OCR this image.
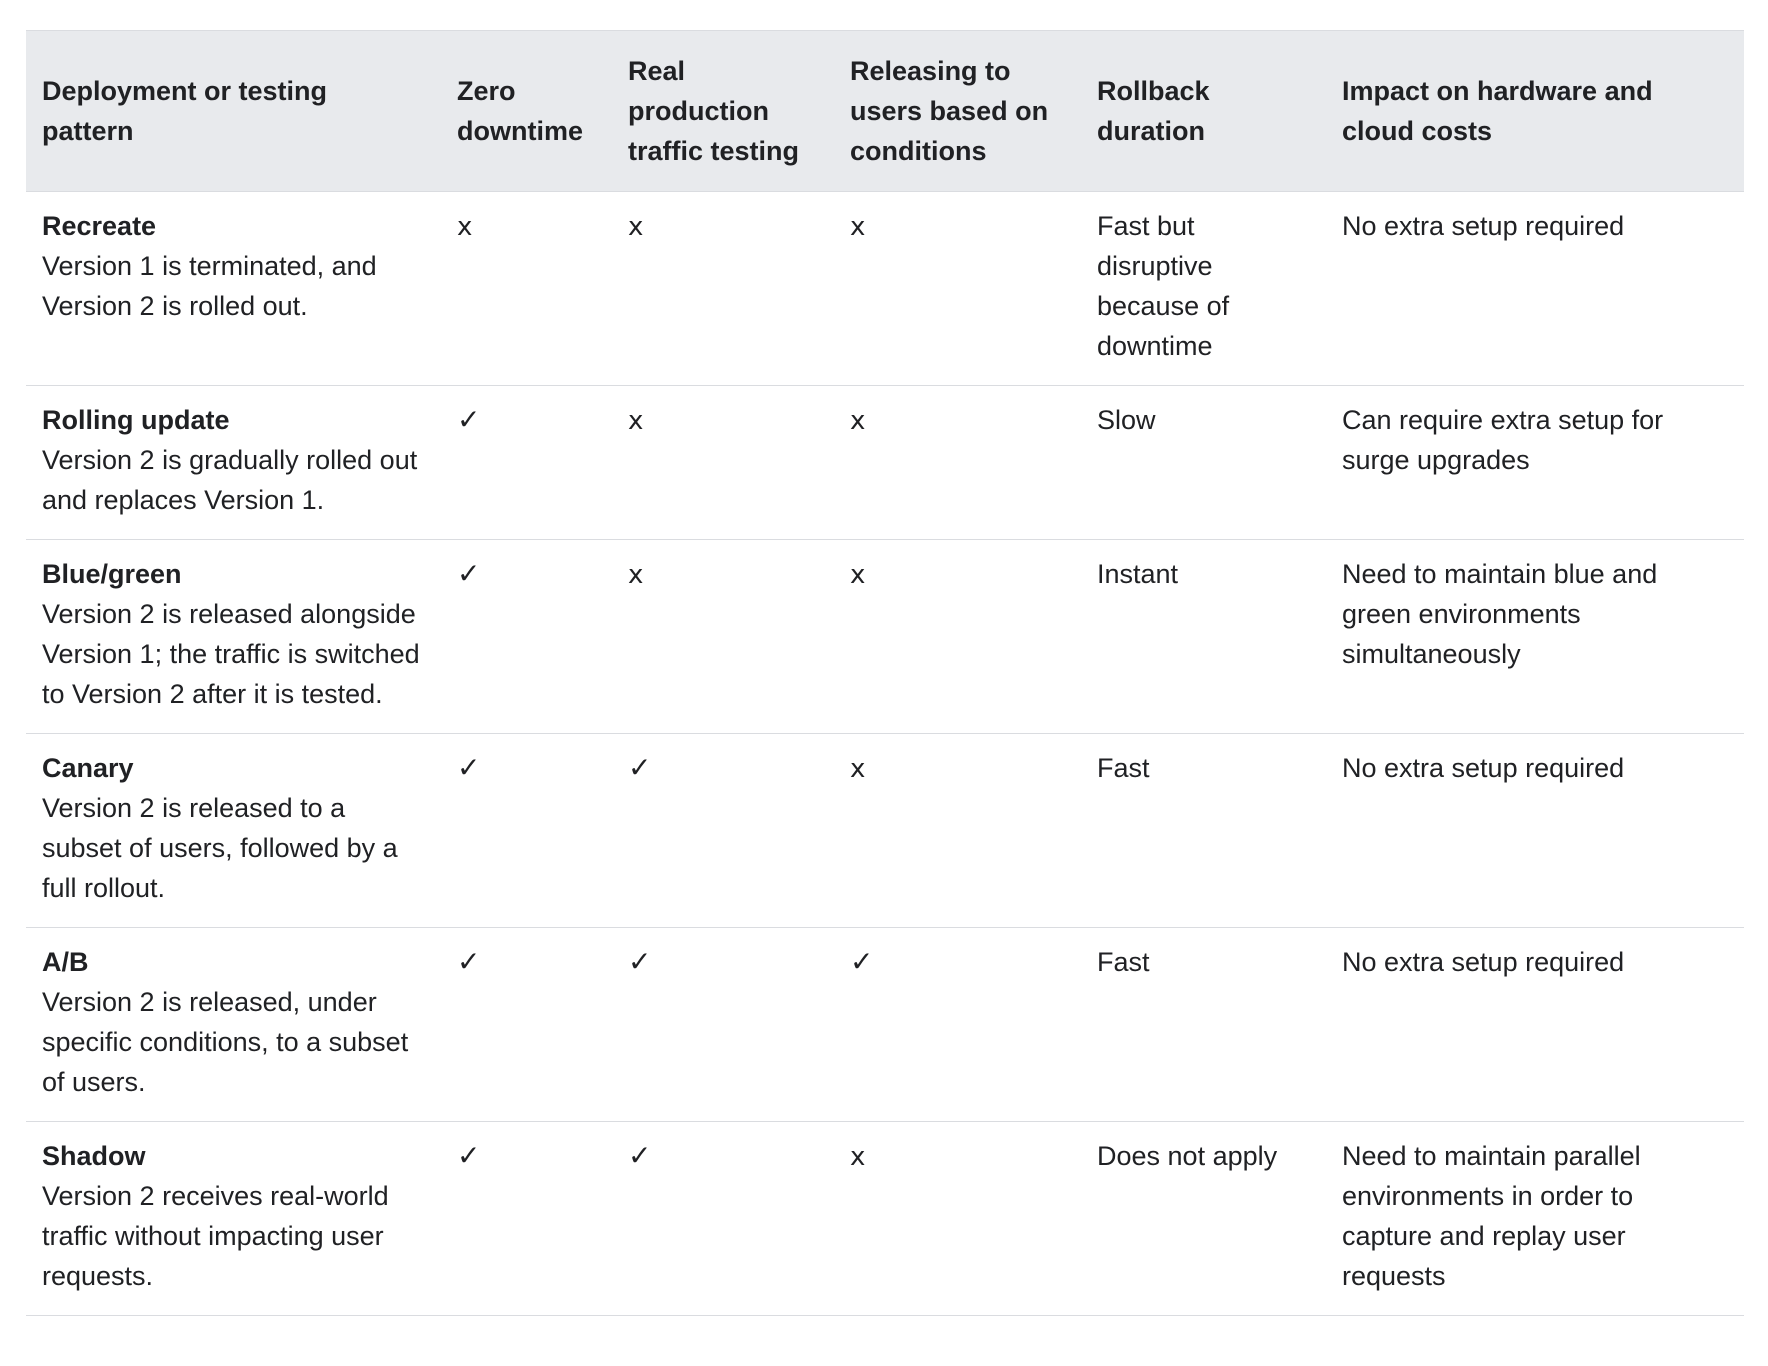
Deployment or testing pattern	Zero downtime	Real production traffic testing	Releasing to users based on conditions	Rollback duration	Impact on hardware and cloud costs

Recreate
Version 1 is terminated, and Version 2 is rolled out.	x	x	x	Fast but disruptive because of downtime	No extra setup required

Rolling update
Version 2 is gradually rolled out and replaces Version 1.	✓	x	x	Slow	Can require extra setup for surge upgrades

Blue/green
Version 2 is released alongside Version 1; the traffic is switched to Version 2 after it is tested.	✓	x	x	Instant	Need to maintain blue and green environments simultaneously

Canary
Version 2 is released to a subset of users, followed by a full rollout.	✓	✓	x	Fast	No extra setup required

A/B
Version 2 is released, under specific conditions, to a subset of users.	✓	✓	✓	Fast	No extra setup required

Shadow
Version 2 receives real-world traffic without impacting user requests.	✓	✓	x	Does not apply	Need to maintain parallel environments in order to capture and replay user requests
